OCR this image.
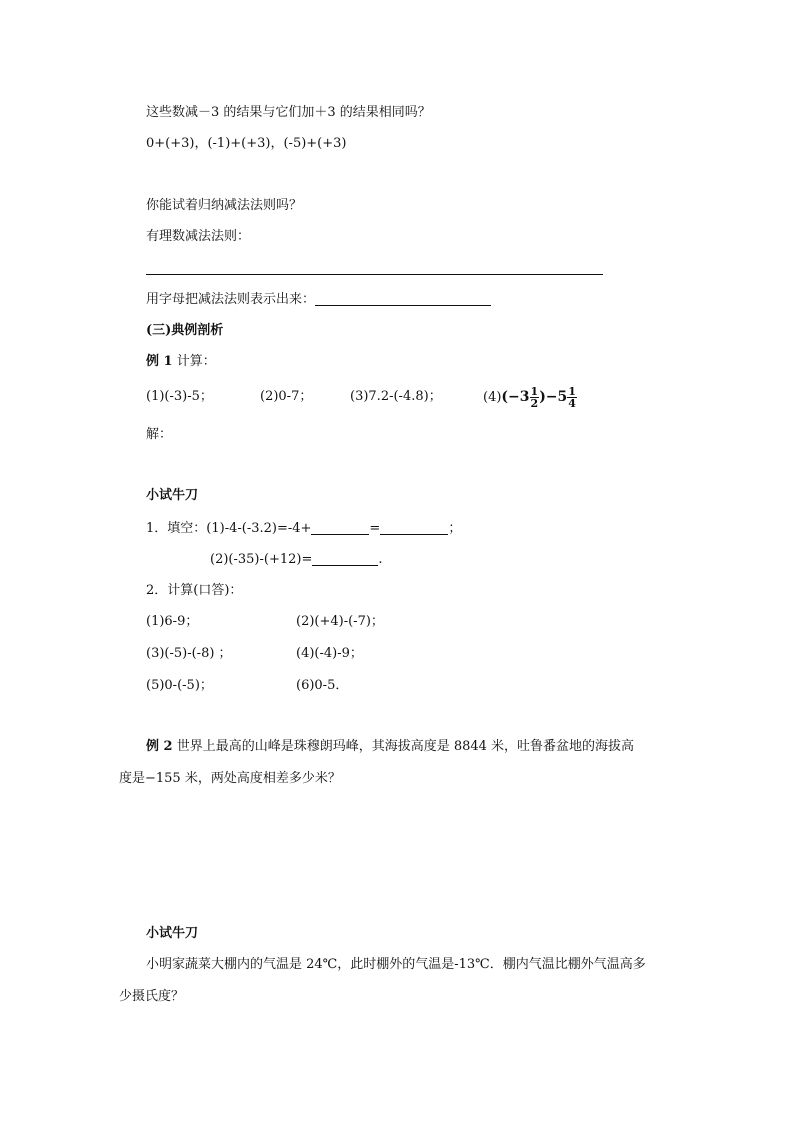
这些数减－3 的结果与它们加＋3 的结果相同吗？
0+(+3)，(-1)+(+3)，(-5)+(+3)
你能试着归纳减法法则吗？
有理数减法法则：
用字母把减法法则表示出来：
(三)典例剖析
例 1 计算：
(1)(-3)-5；	(2)0-7；	(3)7.2-(-4.8)；	$(4)(-3 \frac{1}{2} )-5 \frac{1}{4}$
解：
小试牛刀
1．填空：(1)-4-(-3.2)=-4+	=	；
(2)(-35)-(+12)=	.
2．计算(口答)：
(1)6-9；	(2)(+4)-(-7)；
(3)(-5)-(-8) ；	(4)(-4)-9；
(5)0-(-5)；	(6)0-5．
例 2 世界上最高的山峰是珠穆朗玛峰，其海拔高度是 8844 米，吐鲁番盆地的海拔高
度是−155 米，两处高度相差多少米？
小试牛刀
小明家蔬菜大棚内的气温是 24℃，此时棚外的气温是-13℃．棚内气温比棚外气温高多
少摄氏度？
